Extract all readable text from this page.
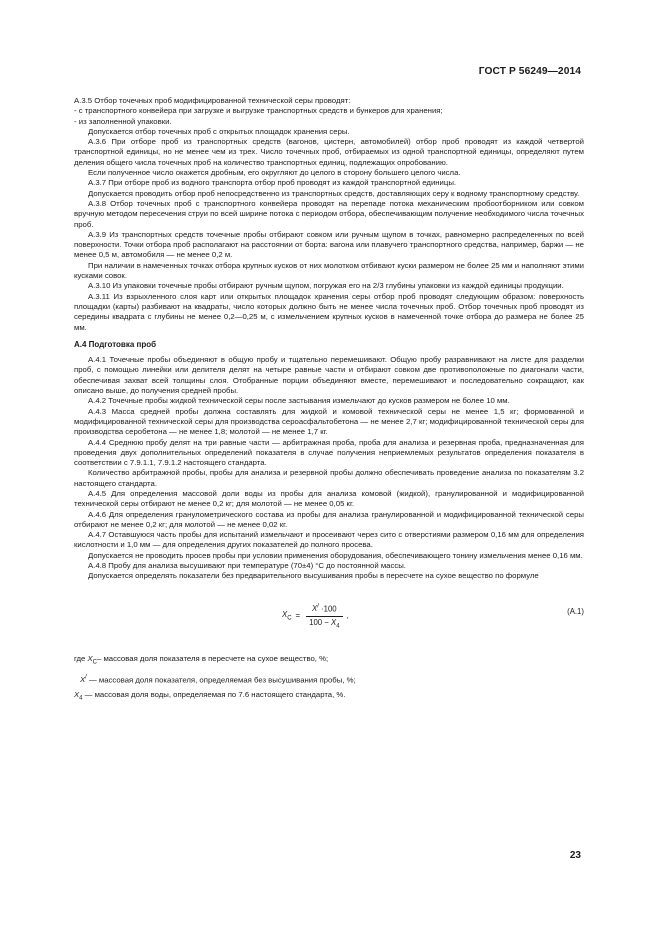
ГОСТ Р 56249—2014

А.3.5 Отбор точечных проб модифицированной технической серы проводят:

- с транспортного конвейера при загрузке и выгрузке транспортных средств и бункеров для хранения;

- из заполненной упаковки.

Допускается отбор точечных проб с открытых площадок хранения серы.

А.3.6 При отборе проб из транспортных средств (вагонов, цистерн, автомобилей) отбор проб проводят из каждой четвертой транспортной единицы, но не менее чем из трех. Число точечных проб, отбираемых из одной транспортной единицы, определяют путем деления общего числа точечных проб на количество транспортных единиц, подлежащих опробованию.

Если полученное число окажется дробным, его округляют до целого в сторону большего целого числа.

А.3.7 При отборе проб из водного транспорта отбор проб проводят из каждой транспортной единицы.

Допускается проводить отбор проб непосредственно из транспортных средств, доставляющих серу к водному транспортному средству.

А.3.8 Отбор точечных проб с транспортного конвейера проводят на перепаде потока механическим пробоотборником или совком вручную методом пересечения струи по всей ширине потока с периодом отбора, обеспечивающим получение необходимого числа точечных проб.

А.3.9 Из транспортных средств точечные пробы отбирают совком или ручным щупом в точках, равномерно распределенных по всей поверхности. Точки отбора проб располагают на расстоянии от борта: вагона или плавучего транспортного средства, например, баржи — не менее 0,5 м, автомобиля — не менее 0,2 м.

При наличии в намеченных точках отбора крупных кусков от них молотком отбивают куски размером не более 25 мм и наполняют этими кусками совок.

А.3.10 Из упаковки точечные пробы отбирают ручным щупом, погружая его на 2/3 глубины упаковки из каждой единицы продукции.

А.3.11 Из взрыхленного слоя карт или открытых площадок хранения серы отбор проб проводят следующим образом: поверхность площадки (карты) разбивают на квадраты, число которых должно быть не менее числа точечных проб. Отбор точечных проб проводят из середины квадрата с глубины не менее 0,2—0,25 м, с измельчением крупных кусков в намеченной точке отбора до размера не более 25 мм.

А.4 Подготовка проб

А.4.1 Точечные пробы объединяют в общую пробу и тщательно перемешивают. Общую пробу разравнивают на листе для разделки проб, с помощью линейки или делителя делят на четыре равные части и отбирают совком две противоположные по диагонали части, обеспечивая захват всей толщины слоя. Отобранные порции объединяют вместе, перемешивают и последовательно сокращают, как описано выше, до получения средней пробы.

А.4.2 Точечные пробы жидкой технической серы после застывания измельчают до кусков размером не более 10 мм.

А.4.3 Масса средней пробы должна составлять для жидкой и комовой технической серы не менее 1,5 кг; формованной и модифицированной технической серы для производства сероасфальтобетона — не менее 2,7 кг; модифицированной технической серы для производства серобетона — не менее 1,8; молотой — не менее 1,7 кг.

А.4.4 Среднюю пробу делят на три равные части — арбитражная проба, проба для анализа и резервная проба, предназначенная для проведения двух дополнительных определений показателя в случае получения неприемлемых результатов определения показателя в соответствии с 7.9.1.1, 7.9.1.2 настоящего стандарта.

Количество арбитражной пробы, пробы для анализа и резервной пробы должно обеспечивать проведение анализа по показателям 3.2 настоящего стандарта.

А.4.5 Для определения массовой доли воды из пробы для анализа комовой (жидкой), гранулированной и модифицированной технической серы отбирают не менее 0,2 кг; для молотой — не менее 0,05 кг.

А.4.6 Для определения гранулометрического состава из пробы для анализа гранулированной и модифицированной технической серы отбирают не менее 0,2 кг; для молотой — не менее 0,02 кг.

А.4.7 Оставшуюся часть пробы для испытаний измельчают и просеивают через сито с отверстиями размером 0,16 мм для определения кислотности и 1,0 мм — для определения других показателей до полного просева.

Допускается не проводить просев пробы при условии применения оборудования, обеспечивающего тонину измельчения менее 0,16 мм.

А.4.8 Пробу для анализа высушивают при температуре (70±4) °С до постоянной массы.

Допускается определять показатели без предварительного высушивания пробы в пересчете на сухое вещество по формуле

$X_C = \frac{X^/ \cdot 100}{100 - X_4}$ ,
(А.1)

где $X_C-$ массовая доля показателя в пересчете на сухое вещество, %;

X/ — массовая доля показателя, определяемая без высушивания пробы, %;

$X_4$ — массовая доля воды, определяемая по 7.6 настоящего стандарта, %.

23
